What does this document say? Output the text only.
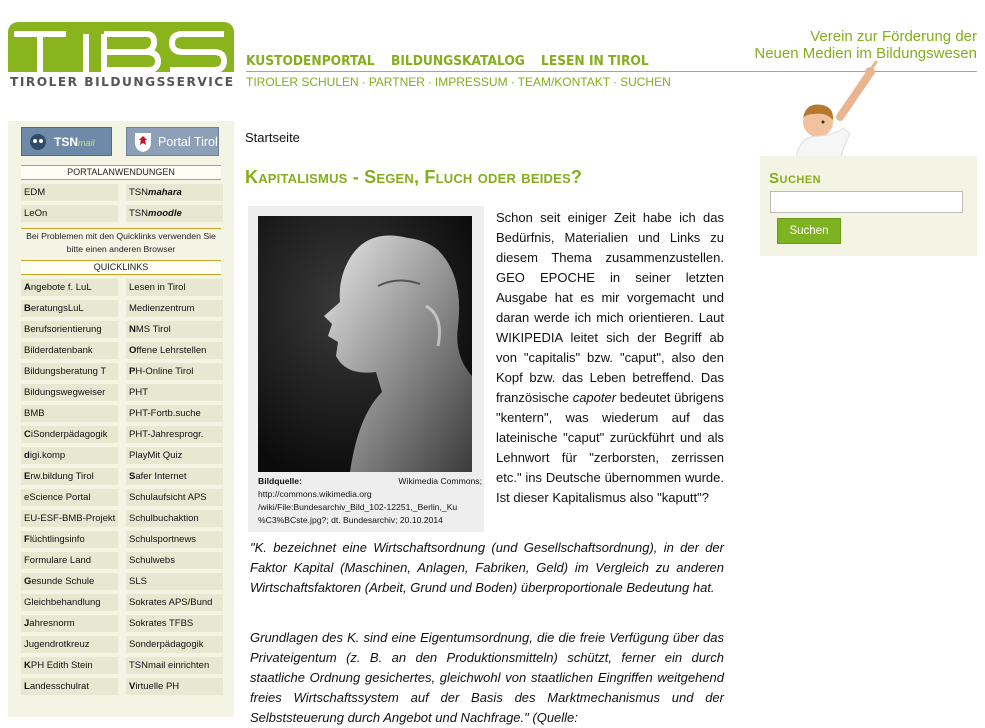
TIROLER BILDUNGSSERVICE
KUSTODENPORTAL BILDUNGSKATALOG LESEN IN TIROL
TIROLER SCHULEN · PARTNER · IMPRESSUM · TEAM/KONTAKT · SUCHEN
Verein zur Förderung der
Neuen Medien im Bildungswesen
TSNmail	Portal Tirol
PORTALANWENDUNGEN
EDM	TSNmahara
LeOn	TSNmoodle
Bei Problemen mit den Quicklinks verwenden Sie bitte einen anderen Browser
QUICKLINKS
Angebote f. LuL	Lesen in Tirol
BeratungsLuL	Medienzentrum
Berufsorientierung	NMS Tirol
Bilderdatenbank	Offene Lehrstellen
Bildungsberatung T	PH-Online Tirol
Bildungswegweiser	PHT
BMB	PHT-Fortb.suche
CiSonderpädagogik	PHT-Jahresprogr.
digi.komp	PlayMit Quiz
Erw.bildung Tirol	Safer Internet
eScience Portal	Schulaufsicht APS
EU-ESF-BMB-Projekt	Schulbuchaktion
Flüchtlingsinfo	Schulsportnews
Formulare Land	Schulwebs
Gesunde Schule	SLS
Gleichbehandlung	Sokrates APS/Bund
Jahresnorm	Sokrates TFBS
Jugendrotkreuz	Sonderpädagogik
KPH Edith Stein	TSNmail einrichten
Landesschulrat	Virtuelle PH
Startseite
Kapitalismus - Segen, Fluch oder beides?
Bildquelle:	Wikimedia Commons;
http://commons.wikimedia.org
/wiki/File:Bundesarchiv_Bild_102-12251,_Berlin,_Ku
%C3%BCste.jpg?; dt. Bundesarchiv; 20.10.2014

Schon seit einiger Zeit habe ich das Bedürfnis, Materialien und Links zu diesem Thema zusammenzustellen. GEO EPOCHE in seiner letzten Ausgabe hat es mir vorgemacht und daran werde ich mich orientieren. Laut WIKIPEDIA leitet sich der Begriff ab von "capitalis" bzw. "caput", also den Kopf bzw. das Leben betreffend. Das französische capoter bedeutet übrigens "kentern", was wiederum auf das lateinische "caput" zurückführt und als Lehnwort für "zerborsten, zerrissen etc." ins Deutsche übernommen wurde. Ist dieser Kapitalismus also "kaputt"?

"K. bezeichnet eine Wirtschaftsordnung (und Gesellschaftsordnung), in der der Faktor Kapital (Maschinen, Anlagen, Fabriken, Geld) im Vergleich zu anderen Wirtschaftsfaktoren (Arbeit, Grund und Boden) überproportionale Bedeutung hat.

Grundlagen des K. sind eine Eigentumsordnung, die die freie Verfügung über das Privateigentum (z. B. an den Produktionsmitteln) schützt, ferner ein durch staatliche Ordnung gesichertes, gleichwohl von staatlichen Eingriffen weitgehend freies Wirtschaftssystem auf der Basis des Marktmechanismus und der Selbststeuerung durch Angebot und Nachfrage." (Quelle:

Suchen
Suchen
